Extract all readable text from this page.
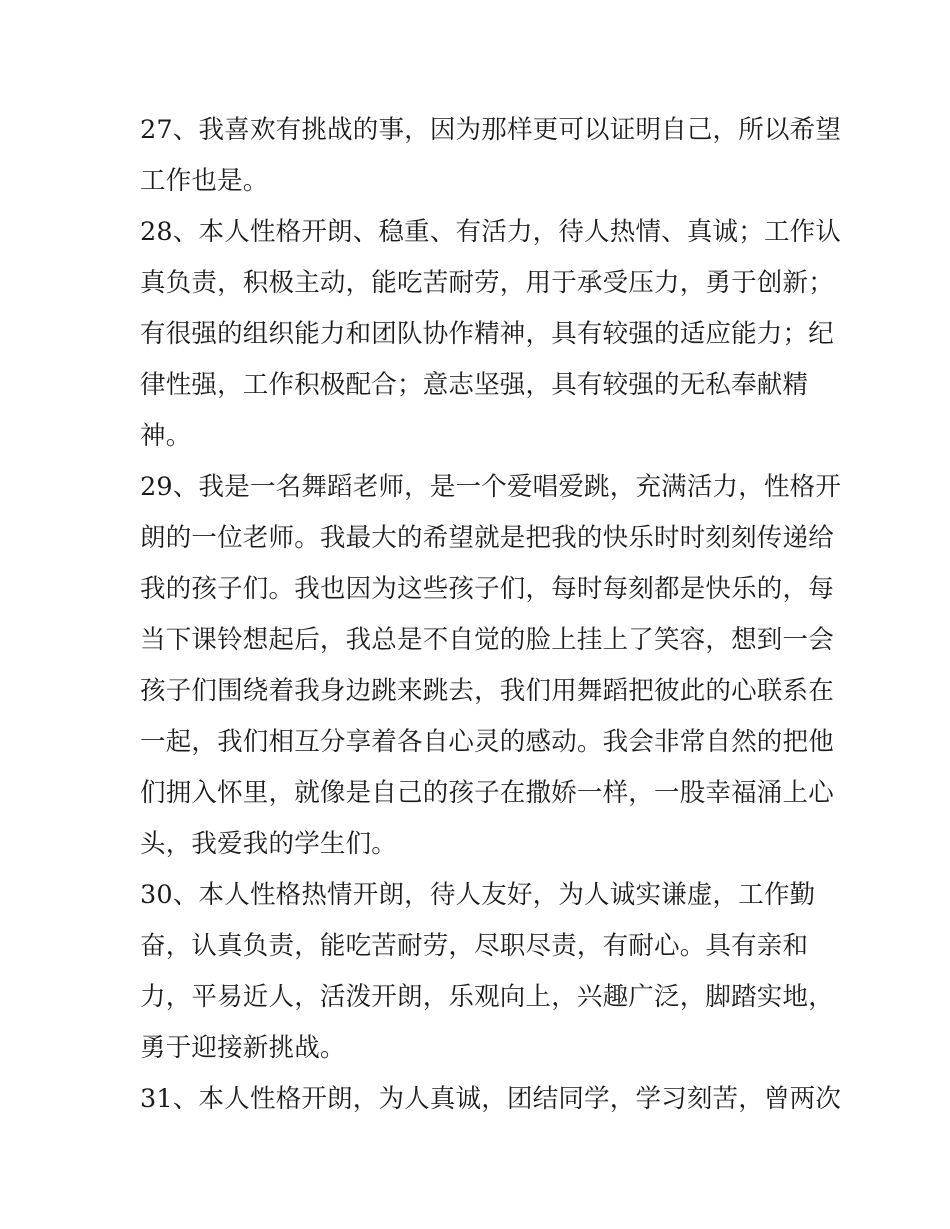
27、我喜欢有挑战的事，因为那样更可以证明自己，所以希望
工作也是。

28、本人性格开朗、稳重、有活力，待人热情、真诚；工作认
真负责，积极主动，能吃苦耐劳，用于承受压力，勇于创新；
有很强的组织能力和团队协作精神，具有较强的适应能力；纪
律性强，工作积极配合；意志坚强，具有较强的无私奉献精
神。

29、我是一名舞蹈老师，是一个爱唱爱跳，充满活力，性格开
朗的一位老师。我最大的希望就是把我的快乐时时刻刻传递给
我的孩子们。我也因为这些孩子们，每时每刻都是快乐的，每
当下课铃想起后，我总是不自觉的脸上挂上了笑容，想到一会
孩子们围绕着我身边跳来跳去，我们用舞蹈把彼此的心联系在
一起，我们相互分享着各自心灵的感动。我会非常自然的把他
们拥入怀里，就像是自己的孩子在撒娇一样，一股幸福涌上心
头，我爱我的学生们。

30、本人性格热情开朗，待人友好，为人诚实谦虚，工作勤
奋，认真负责，能吃苦耐劳，尽职尽责，有耐心。具有亲和
力，平易近人，活泼开朗，乐观向上，兴趣广泛，脚踏实地，
勇于迎接新挑战。

31、本人性格开朗，为人真诚，团结同学，学习刻苦，曾两次
